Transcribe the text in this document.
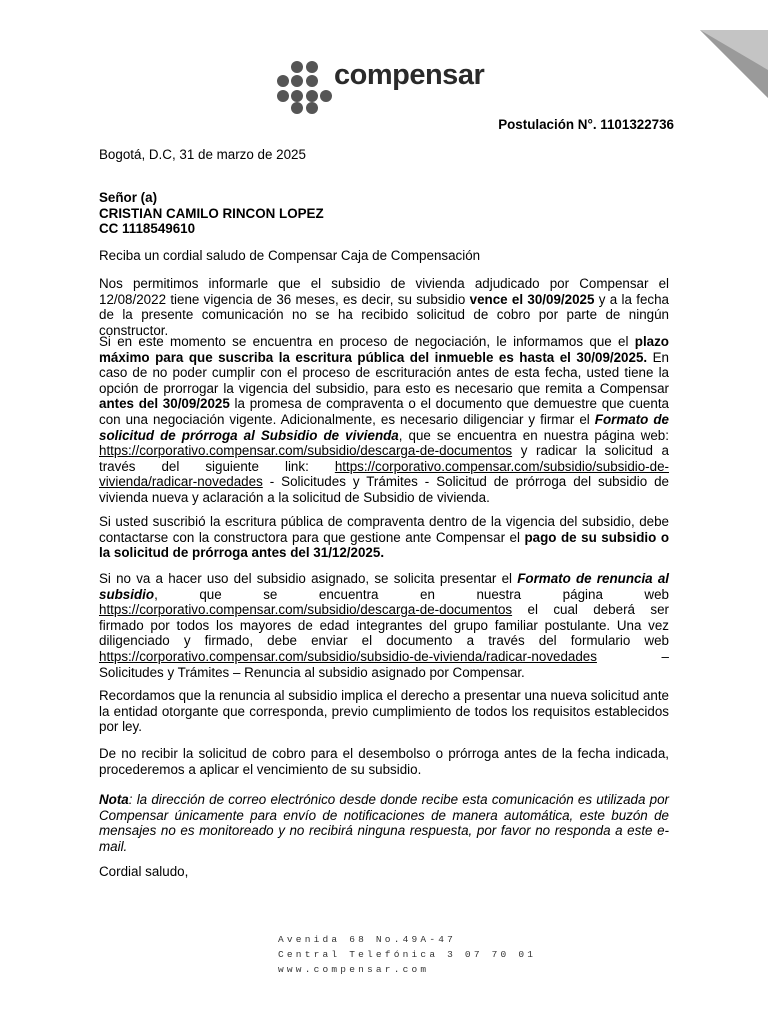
compensar
Postulación N°. 1101322736
Bogotá, D.C, 31 de marzo de 2025
Señor (a)
CRISTIAN CAMILO RINCON LOPEZ
CC 1118549610
Reciba un cordial saludo de Compensar Caja de Compensación
Nos permitimos informarle que el subsidio de vivienda adjudicado por Compensar el 12/08/2022 tiene vigencia de 36 meses, es decir, su subsidio vence el 30/09/2025 y a la fecha de la presente comunicación no se ha recibido solicitud de cobro por parte de ningún constructor.
Si en este momento se encuentra en proceso de negociación, le informamos que el plazo máximo para que suscriba la escritura pública del inmueble es hasta el 30/09/2025. En caso de no poder cumplir con el proceso de escrituración antes de esta fecha, usted tiene la opción de prorrogar la vigencia del subsidio, para esto es necesario que remita a Compensar antes del 30/09/2025 la promesa de compraventa o el documento que demuestre que cuenta con una negociación vigente. Adicionalmente, es necesario diligenciar y firmar el Formato de solicitud de prórroga al Subsidio de vivienda, que se encuentra en nuestra página web: https://corporativo.compensar.com/subsidio/descarga-de-documentos y radicar la solicitud a través del siguiente link: https://corporativo.compensar.com/subsidio/subsidio-de-vivienda/radicar-novedades - Solicitudes y Trámites - Solicitud de prórroga del subsidio de vivienda nueva y aclaración a la solicitud de Subsidio de vivienda.
Si usted suscribió la escritura pública de compraventa dentro de la vigencia del subsidio, debe contactarse con la constructora para que gestione ante Compensar el pago de su subsidio o la solicitud de prórroga antes del 31/12/2025.
Si no va a hacer uso del subsidio asignado, se solicita presentar el Formato de renuncia al subsidio, que se encuentra en nuestra página web https://corporativo.compensar.com/subsidio/descarga-de-documentos el cual deberá ser firmado por todos los mayores de edad integrantes del grupo familiar postulante. Una vez diligenciado y firmado, debe enviar el documento a través del formulario web https://corporativo.compensar.com/subsidio/subsidio-de-vivienda/radicar-novedades – Solicitudes y Trámites – Renuncia al subsidio asignado por Compensar.
Recordamos que la renuncia al subsidio implica el derecho a presentar una nueva solicitud ante la entidad otorgante que corresponda, previo cumplimiento de todos los requisitos establecidos por ley.
De no recibir la solicitud de cobro para el desembolso o prórroga antes de la fecha indicada, procederemos a aplicar el vencimiento de su subsidio.
Nota: la dirección de correo electrónico desde donde recibe esta comunicación es utilizada por Compensar únicamente para envío de notificaciones de manera automática, este buzón de mensajes no es monitoreado y no recibirá ninguna respuesta, por favor no responda a este e-mail.
Cordial saludo,
Avenida 68 No.49A-47
Central Telefónica 3 07 70 01
www.compensar.com
